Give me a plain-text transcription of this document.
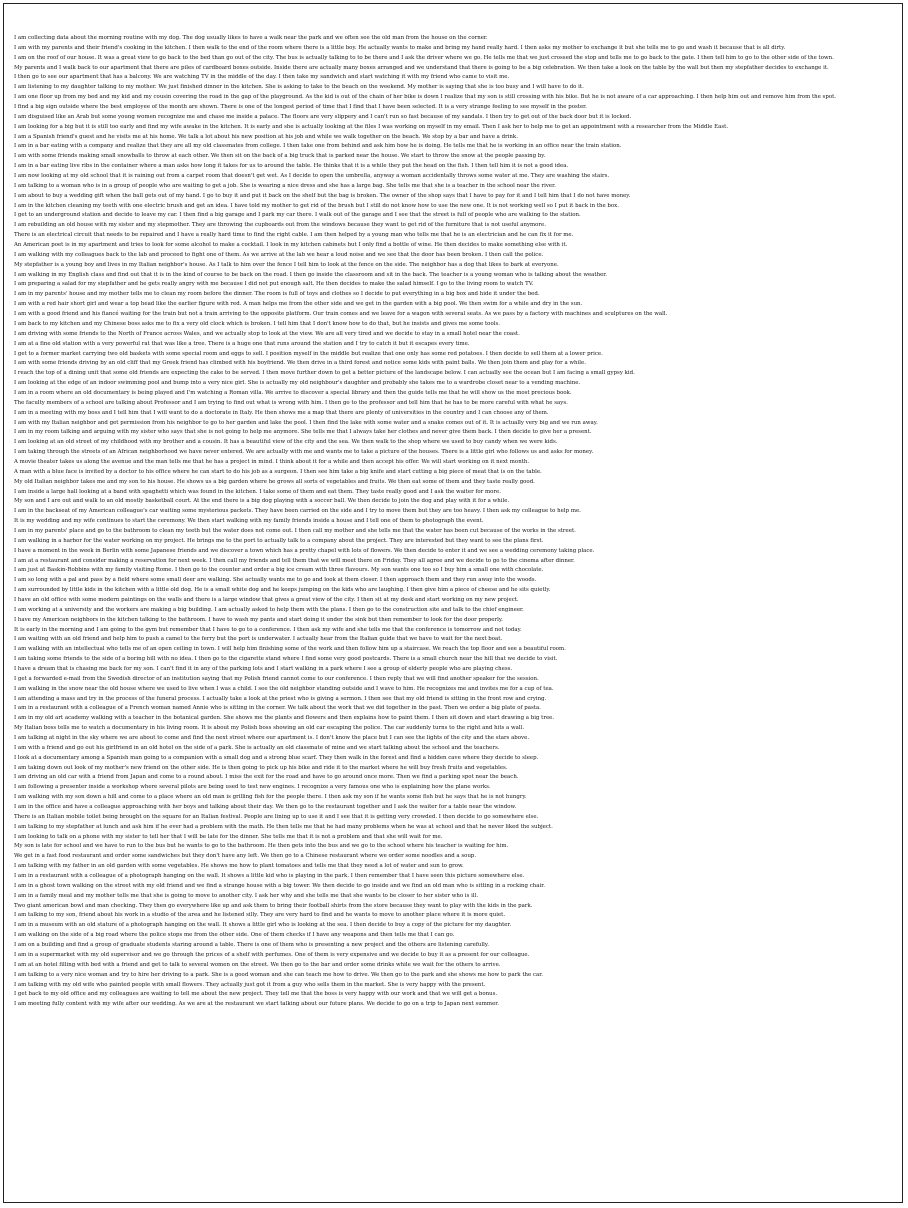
I am collecting data about the morning routine with my dog. The dog usually likes to have a walk near the park and we often see the old man from the house on the corner.
I am with my parents and their friend's cooking in the kitchen. I then walk to the end of the room where there is a little boy. He actually wants to make and bring my hand really hard. I then asks my mother to exchange it but she tells me to go and wash it because that is all dirty.
I am on the roof of our house. It was a great view to go back to the bed than go out of the city. The bus is actually talking to to be there and I ask the driver where we go. He tells me that we just crossed the stop and tells me to go back to the gate. I then tell him to go to the other side of the town.
My parents and I walk back to our apartment that there are piles of cardboard boxes outside. Inside there are actually many boxes arranged and we understand that there is going to be a big celebration. We then take a look on the table by the wall but then my stepfather decides to exchange it.
I then go to see our apartment that has a balcony. We are watching TV in the middle of the day. I then take my sandwich and start watching it with my friend who came to visit me.
I am listening to my daughter talking to my mother. We just finished dinner in the kitchen. She is asking to take to the beach on the weekend. My mother is saying that she is too busy and I will have to do it.
I am one floor up from my bed and my kid and my cousin covering the road in the gap of the playground. As the kid is out of the chain of her bike is down I realize that my son is still crossing with his bike. But he is not aware of a car approaching. I then help him out and remove him from the spot.
I find a big sign outside where the best employee of the month are shown. There is one of the longest period of time that I find that I have been selected. It is a very strange feeling to see myself in the poster.
I am disguised like an Arab but some young women recognize me and chase me inside a palace. The floors are very slippery and I can't run so fast because of my sandals. I then try to get out of the back door but it is locked.
I am looking for a big but it is still too early and find my wife awake in the kitchen. It is early and she is actually looking at the files I was working on myself in my email. Then I ask her to help me to get an appointment with a researcher from the Middle East.
I am a Spanish friend's guest and he visits me at his home. We talk a lot about his new position at his job and while we walk together on the beach. We stop by a bar and have a drink.
I am in a bar eating with a company and realize that they are all my old classmates from college. I then take one from behind and ask him how he is doing. He tells me that he is working in an office near the train station.
I am with some friends making small snowballs to throw at each other. We then sit on the back of a big truck that is parked near the house. We start to throw the snow at the people passing by.
I am in a bar eating live ribs in the container where a man asks how long it takes for us to around the table. He thinks that it is a while they put the head on the fish. I then tell him it is not a good idea.
I am now looking at my old school that it is raining out from a carpet room that doesn't get wet. As I decide to open the umbrella, anyway a woman accidentally throws some water at me. They are washing the stairs.
I am talking to a woman who is in a group of people who are waiting to get a job. She is wearing a nice dress and she has a large bag. She tells me that she is a teacher in the school near the river.
I am about to buy a wedding gift when the ball gets out of my hand. I go to buy it and put it back on the shelf but the bag is broken. The owner of the shop says that I have to pay for it and I tell him that I do not have money.
I am in the kitchen cleaning my teeth with one electric brush and get an idea. I have told my mother to get rid of the brush but I still do not know how to use the new one. It is not working well so I put it back in the box.
I get to an underground station and decide to leave my car. I then find a big garage and I park my car there. I walk out of the garage and I see that the street is full of people who are walking to the station.
I am rebuilding an old house with my sister and my stepmother. They are throwing the cupboards out from the windows because they want to get rid of the furniture that is not useful anymore.
There is an electrical circuit that needs to be repaired and I have a really hard time to find the right cable. I am then helped by a young man who tells me that he is an electrician and he can fix it for me.
An American poet is in my apartment and tries to look for some alcohol to make a cocktail. I look in my kitchen cabinets but I only find a bottle of wine. He then decides to make something else with it.
I am walking with my colleagues back to the lab and proceed to fight one of them. As we arrive at the lab we hear a loud noise and we see that the door has been broken. I then call the police.
My stepfather is a young boy and lives in my Italian neighbor's house. As I talk to him over the fence I tell him to look at the fence on the side. The neighbor has a dog that likes to bark at everyone.
I am walking in my English class and find out that it is in the kind of course to be back on the road. I then go inside the classroom and sit in the back. The teacher is a young woman who is talking about the weather.
I am preparing a salad for my stepfather and he gets really angry with me because I did not put enough salt. He then decides to make the salad himself. I go to the living room to watch TV.
I am in my parents' house and my mother tells me to clean my room before the dinner. The room is full of toys and clothes so I decide to put everything in a big box and hide it under the bed.
I am with a red hair short girl and wear a top head like the earlier figure with red. A man helps me from the other side and we get in the garden with a big pool. We then swim for a while and dry in the sun.
I am with a good friend and his fiancé waiting for the train but not a train arriving to the opposite platform. Our train comes and we leave for a wagon with several seats. As we pass by a factory with machines and sculptures on the wall.
I am back to my kitchen and my Chinese boss asks me to fix a very old clock which is broken. I tell him that I don't know how to do that, but he insists and gives me some tools.
I am driving with some friends to the North of France across Wales, and we actually stop to look at the view. We are all very tired and we decide to stay in a small hotel near the coast.
I am at a fine old station with a very powerful rat that was like a tree. There is a huge one that runs around the station and I try to catch it but it escapes every time.
I get to a former market carrying two old baskets with some special room and eggs to sell. I position myself in the middle but realize that one only has some red potatoes. I then decide to sell them at a lower price.
I am with some friends driving by an old cliff that my Greek friend has climbed with his boyfriend. We then drive in a third forest and notice some kids with paint balls. We then join them and play for a while.
I reach the top of a dining unit that some old friends are expecting the cake to be served. I then move further down to get a better picture of the landscape below. I can actually see the ocean but I am facing a small gypsy kid.
I am looking at the edge of an indoor swimming pool and bump into a very nice girl. She is actually my old neighbour's daughter and probably she takes me to a wardrobe closet near to a vending machine.
I am in a room where an old documentary is being played and I'm watching a Roman villa. We arrive to discover a special library and then the guide tells me that he will show us the most precious book.
The faculty members of a school are talking about Professor and I am trying to find out what is wrong with him. I then go to the professor and tell him that he has to be more careful with what he says.
I am in a meeting with my boss and I tell him that I will want to do a doctorate in Italy. He then shows me a map that there are plenty of universities in the country and I can choose any of them.
I am with my Italian neighbor and get permission from his neighbor to go to her garden and lake the pool. I then find the lake with some water and a snake comes out of it. It is actually very big and we run away.
I am in my room talking and arguing with my sister who says that she is not going to help me anymore. She tells me that I always take her clothes and never give them back. I then decide to give her a present.
I am looking at an old street of my childhood with my brother and a cousin. It has a beautiful view of the city and the sea. We then walk to the shop where we used to buy candy when we were kids.
I am taking through the streets of an African neighborhood we have never entered. We are actually with me and wants me to take a picture of the houses. There is a little girl who follows us and asks for money.
A movie theater takes us along the avenue and the man tells me that he has a project in mind. I think about it for a while and then accept his offer. We will start working on it next month.
A man with a blue face is invited by a doctor to his office where he can start to do his job as a surgeon. I then see him take a big knife and start cutting a big piece of meat that is on the table.
My old Italian neighbor takes me and my son to his house. He shows us a big garden where he grows all sorts of vegetables and fruits. We then eat some of them and they taste really good.
I am inside a large hall looking at a band with spaghetti which was found in the kitchen. I take some of them and eat them. They taste really good and I ask the waiter for more.
My son and I are out and walk to an old mostly basketball court. At the end there is a big dog playing with a soccer ball. We then decide to join the dog and play with it for a while.
I am in the backseat of my American colleague's car waiting some mysterious packets. They have been carried on the side and I try to move them but they are too heavy. I then ask my colleague to help me.
It is my wedding and my wife continues to start the ceremony. We then start walking with my family friends inside a house and I tell one of them to photograph the event.
I am in my parents' place and go to the bathroom to clean my teeth but the water does not come out. I then call my mother and she tells me that the water has been cut because of the works in the street.
I am walking in a harbor for the water working on my project. He brings me to the port to actually talk to a company about the project. They are interested but they want to see the plans first.
I have a moment in the week in Berlin with some Japanese friends and we discover a town which has a pretty chapel with lots of flowers. We then decide to enter it and we see a wedding ceremony taking place.
I am at a restaurant and consider making a reservation for next week. I then call my friends and tell them that we will meet there on Friday. They all agree and we decide to go to the cinema after dinner.
I am just at Baskin-Robbins with my family visiting Rome. I then go to the counter and order a big ice cream with three flavours. My son wants one too so I buy him a small one with chocolate.
I am so long with a pal and pass by a field where some small deer are walking. She actually wants me to go and look at them closer. I then approach them and they run away into the woods.
I am surrounded by little kids in the kitchen with a little old dog. He is a small white dog and he keeps jumping on the kids who are laughing. I then give him a piece of cheese and he sits quietly.
I have an old office with some modern paintings on the walls and there is a large window that gives a great view of the city. I then sit at my desk and start working on my new project.
I am working at a university and the workers are making a big building. I am actually asked to help them with the plans. I then go to the construction site and talk to the chief engineer.
I have my American neighbors in the kitchen talking to the bathroom. I have to wash my pants and start doing it under the sink but then remember to look for the door properly.
It is early in the morning and I am going to the gym but remember that I have to go to a conference. I then ask my wife and she tells me that the conference is tomorrow and not today.
I am waiting with an old friend and help him to push a camel to the ferry but the port is underwater. I actually hear from the Italian guide that we have to wait for the next boat.
I am walking with an intellectual who tells me of an open ceiling in town. I will help him finishing some of the work and then follow him up a staircase. We reach the top floor and see a beautiful room.
I am taking some friends to the side of a boring hill with no idea. I then go to the cigarette stand where I find some very good postcards. There is a small church near the hill that we decide to visit.
I have a dream that is chasing me back for my son. I can't find it in any of the parking lots and I start walking in a park where I see a group of elderly people who are playing chess.
I get a forwarded e-mail from the Swedish director of an institution saying that my Polish friend cannot come to our conference. I then reply that we will find another speaker for the session.
I am walking in the snow near the old house where we used to live when I was a child. I see the old neighbor standing outside and I wave to him. He recognizes me and invites me for a cup of tea.
I am attending a mass and try in the process of the funeral process. I actually take a look at the priest who is giving a sermon. I then see that my old friend is sitting in the front row and crying.
I am in a restaurant with a colleague of a French woman named Annie who is sitting in the corner. We talk about the work that we did together in the past. Then we order a big plate of pasta.
I am in my old art academy walking with a teacher in the botanical garden. She shows me the plants and flowers and then explains how to paint them. I then sit down and start drawing a big tree.
My Italian boss tells me to watch a documentary in his living room. It is about my Polish boss showing an old car escaping the police. The car suddenly turns to the right and hits a wall.
I am talking at night in the sky where we are about to come and find the next street where our apartment is. I don't know the place but I can see the lights of the city and the stars above.
I am with a friend and go out his girlfriend in an old hotel on the side of a park. She is actually an old classmate of mine and we start talking about the school and the teachers.
I look at a documentary among a Spanish man going to a companion with a small dog and a strong blue scarf. They then walk in the forest and find a hidden cave where they decide to sleep.
I am taking down out look of my mother's new friend on the other side. He is then going to pick up his bike and ride it to the market where he will buy fresh fruits and vegetables.
I am driving an old car with a friend from Japan and come to a round about. I miss the exit for the road and have to go around once more. Then we find a parking spot near the beach.
I am following a presenter inside a workshop where several pilots are being used to test new engines. I recognize a very famous one who is explaining how the plane works.
I am walking with my son down a hill and come to a place where an old man is grilling fish for the people there. I then ask my son if he wants some fish but he says that he is not hungry.
I am in the office and have a colleague approaching with her boys and talking about their day. We then go to the restaurant together and I ask the waiter for a table near the window.
There is an Italian mobile toilet being brought on the square for an Italian festival. People are lining up to use it and I see that it is getting very crowded. I then decide to go somewhere else.
I am talking to my stepfather at lunch and ask him if he ever had a problem with the math. He then tells me that he had many problems when he was at school and that he never liked the subject.
I am looking to talk on a phone with my sister to tell her that I will be late for the dinner. She tells me that it is not a problem and that she will wait for me.
My son is late for school and we have to run to the bus but he wants to go to the bathroom. He then gets into the bus and we go to the school where his teacher is waiting for him.
We get in a fast food restaurant and order some sandwiches but they don't have any left. We then go to a Chinese restaurant where we order some noodles and a soup.
I am talking with my father in an old garden with some vegetables. He shows me how to plant tomatoes and tells me that they need a lot of water and sun to grow.
I am in a restaurant with a colleague of a photograph hanging on the wall. It shows a little kid who is playing in the park. I then remember that I have seen this picture somewhere else.
I am in a ghost town walking on the street with my old friend and we find a strange house with a big tower. We then decide to go inside and we find an old man who is sitting in a rocking chair.
I am in a family meal and my mother tells me that she is going to move to another city. I ask her why and she tells me that she wants to be closer to her sister who is ill.
Two giant american bowl and man checking. They then go everywhere like up and ask them to bring their football shirts from the store because they want to play with the kids in the park.
I am talking to my son, friend about his work in a studio of the area and he listened silly. They are very hard to find and he wants to move to another place where it is more quiet.
I am in a museum with an old stature of a photograph hanging on the wall. It shows a little girl who is looking at the sea. I then decide to buy a copy of the picture for my daughter.
I am walking on the side of a big road where the police stops me from the other side. One of them checks if I have any weapons and then tells me that I can go.
I am on a building and find a group of graduate students staring around a table. There is one of them who is presenting a new project and the others are listening carefully.
I am in a supermarket with my old supervisor and we go through the prices of a shelf with perfumes. One of them is very expensive and we decide to buy it as a present for our colleague.
I am at an hotel filling with bed with a friend and get to talk to several women on the street. We then go to the bar and order some drinks while we wait for the others to arrive.
I am talking to a very nice woman and try to hire her driving to a park. She is a good woman and she can teach me how to drive. We then go to the park and she shows me how to park the car.
I am talking with my old wife who painted people with small flowers. They actually just got it from a guy who sells them in the market. She is very happy with the present.
I get back to my old office and my colleagues are waiting to tell me about the new project. They tell me that the boss is very happy with our work and that we will get a bonus.
I am meeting fully content with my wife after our wedding. As we are at the restaurant we start talking about our future plans. We decide to go on a trip to Japan next summer.
